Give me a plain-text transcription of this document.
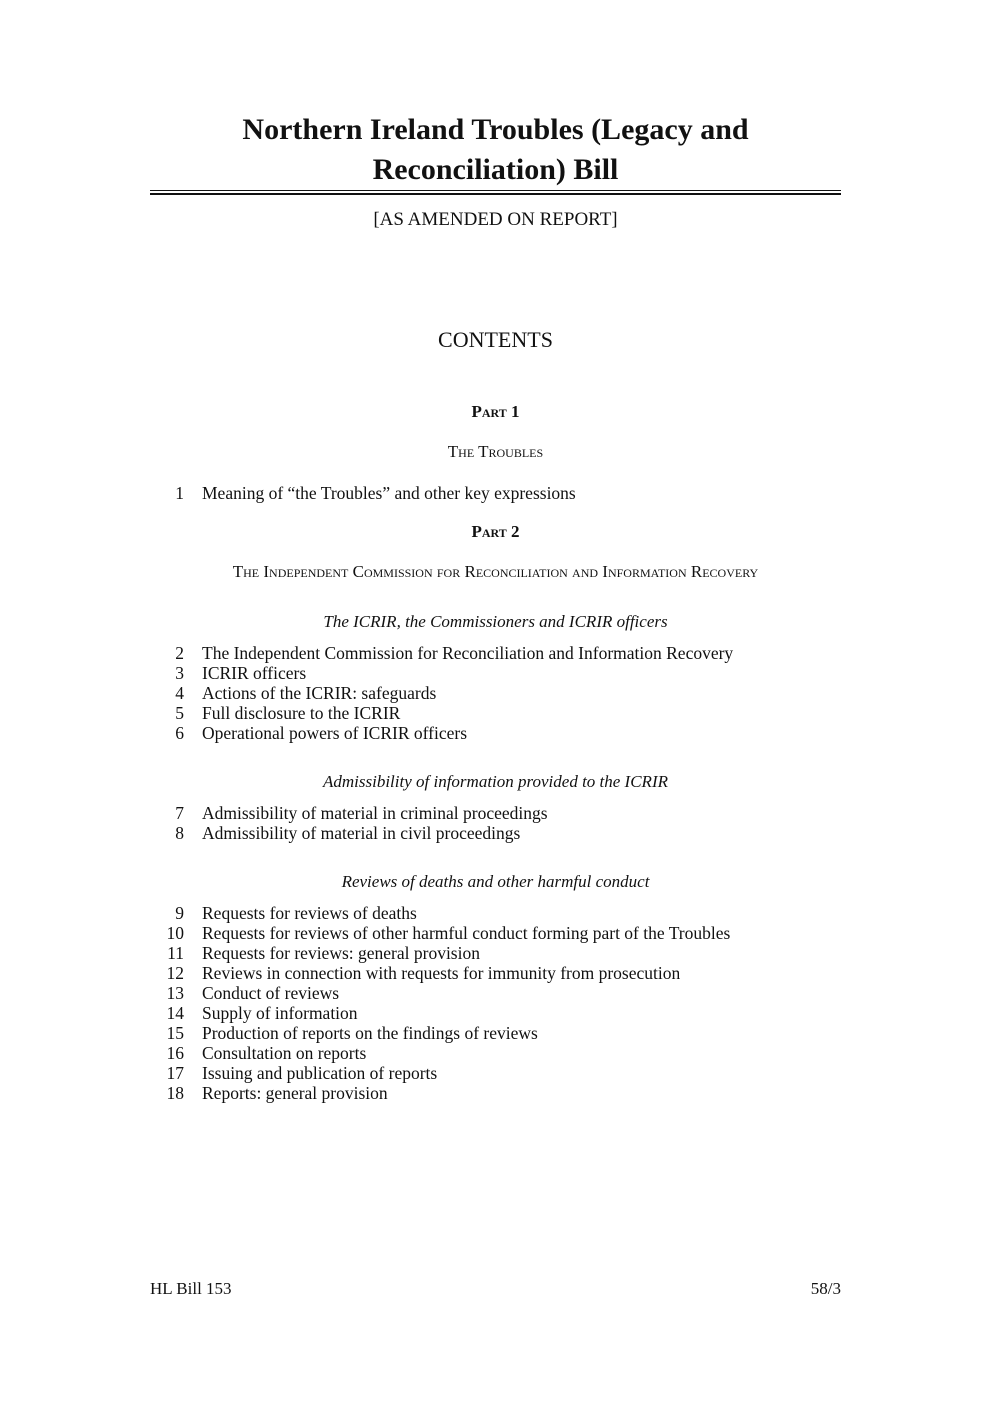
Northern Ireland Troubles (Legacy and
Reconciliation) Bill
[AS AMENDED ON REPORT]
CONTENTS
Part 1
The Troubles
1	Meaning of “the Troubles” and other key expressions
Part 2
The Independent Commission for Reconciliation and Information Recovery
The ICRIR, the Commissioners and ICRIR officers
2	The Independent Commission for Reconciliation and Information Recovery
3	ICRIR officers
4	Actions of the ICRIR: safeguards
5	Full disclosure to the ICRIR
6	Operational powers of ICRIR officers
Admissibility of information provided to the ICRIR
7	Admissibility of material in criminal proceedings
8	Admissibility of material in civil proceedings
Reviews of deaths and other harmful conduct
9	Requests for reviews of deaths
10	Requests for reviews of other harmful conduct forming part of the Troubles
11	Requests for reviews: general provision
12	Reviews in connection with requests for immunity from prosecution
13	Conduct of reviews
14	Supply of information
15	Production of reports on the findings of reviews
16	Consultation on reports
17	Issuing and publication of reports
18	Reports: general provision
HL Bill 153	58/3
